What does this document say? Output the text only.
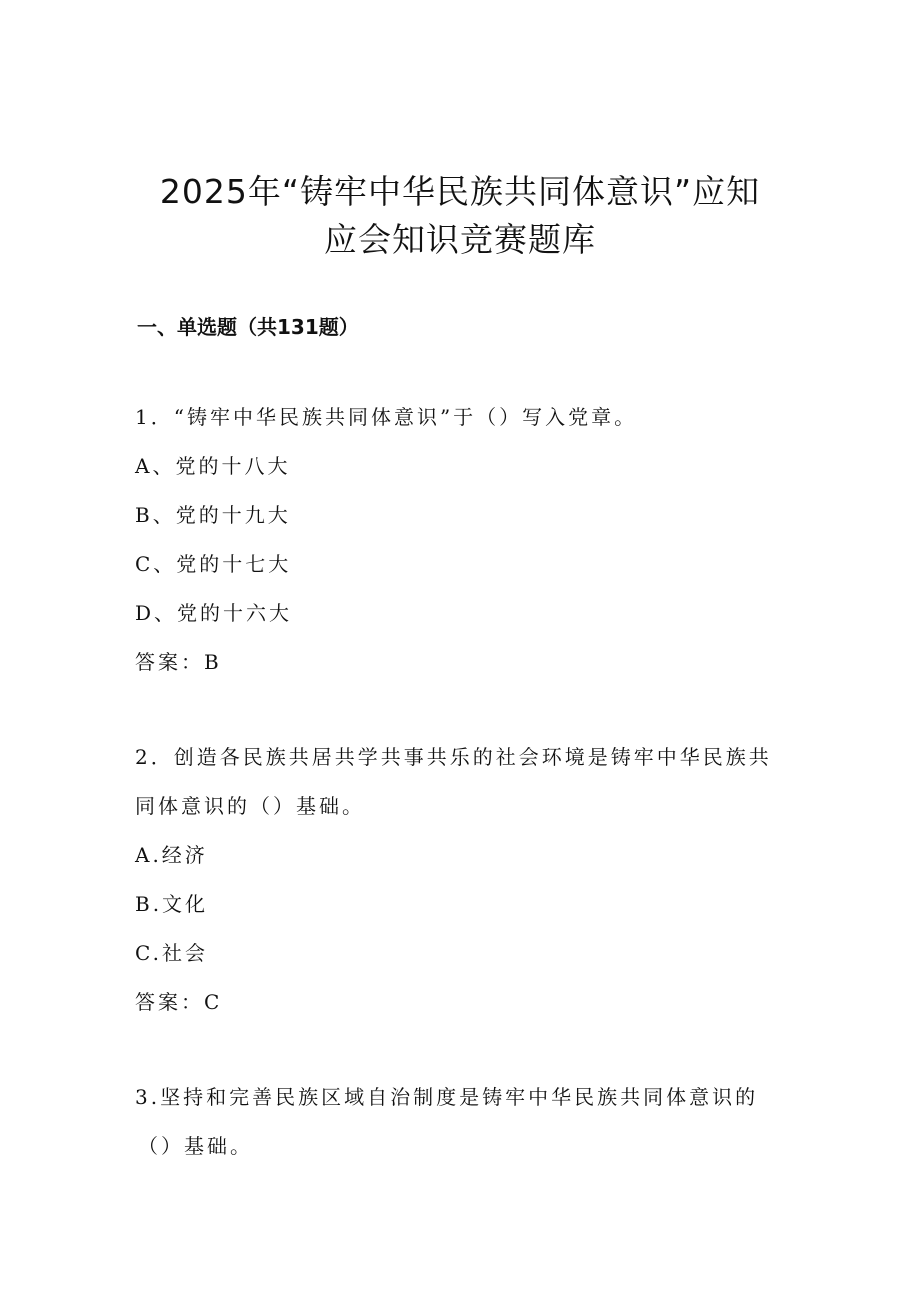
2025年“铸牢中华民族共同体意识”应知
应会知识竞赛题库
一、单选题（共131题）
1．“铸牢中华民族共同体意识”于（）写入党章。
A、党的十八大
B、党的十九大
C、党的十七大
D、党的十六大
答案：B
2．创造各民族共居共学共事共乐的社会环境是铸牢中华民族共
同体意识的（）基础。
A.经济
B.文化
C.社会
答案：C
3.坚持和完善民族区域自治制度是铸牢中华民族共同体意识的
（）基础。
